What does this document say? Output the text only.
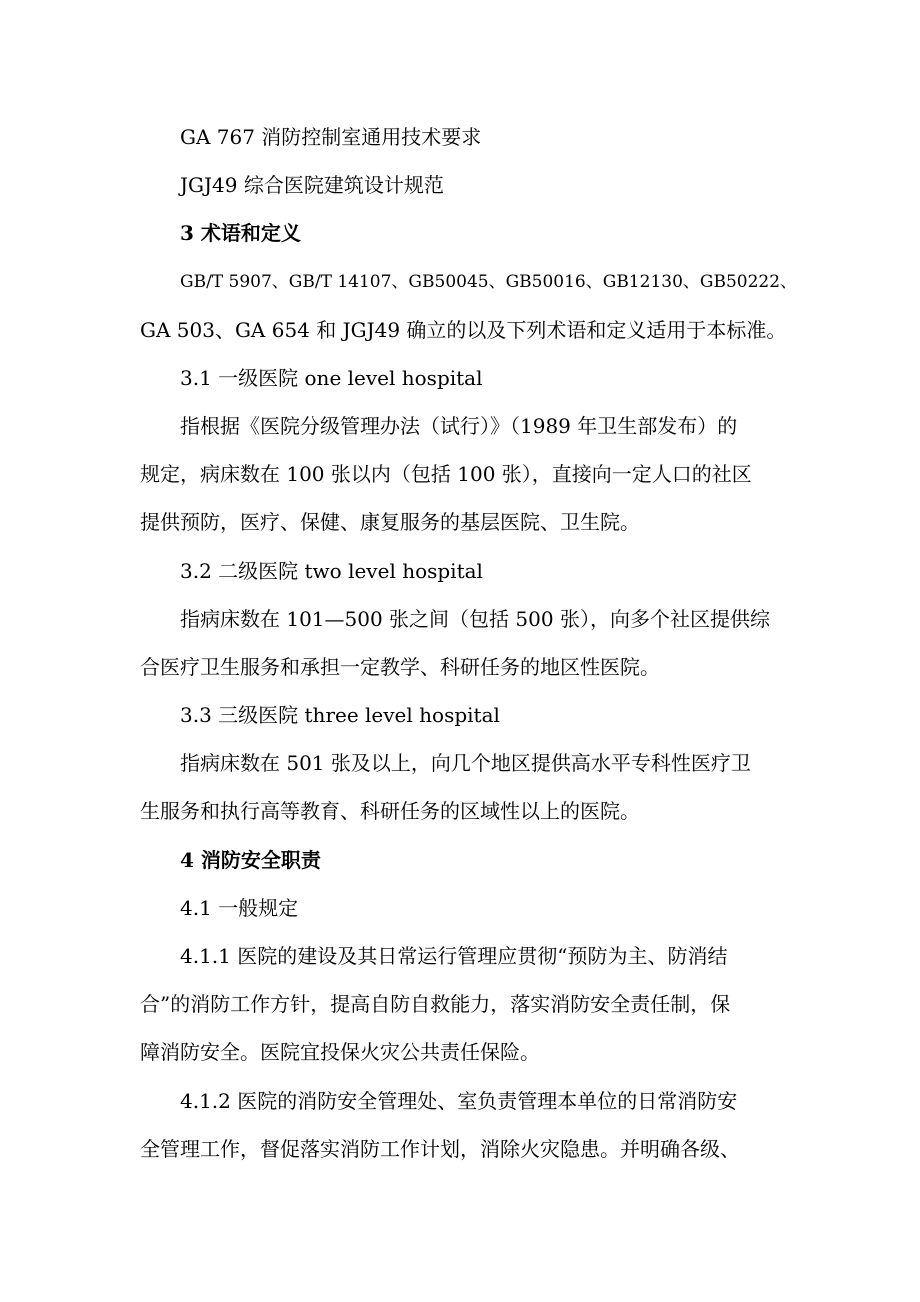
GA 767 消防控制室通用技术要求
JGJ49 综合医院建筑设计规范
3 术语和定义
GB/T 5907、GB/T 14107、GB50045、GB50016、GB12130、GB50222、
GA 503、GA 654 和 JGJ49 确立的以及下列术语和定义适用于本标准。
3.1 一级医院 one level hospital
指根据《医院分级管理办法（试行）》（1989 年卫生部发布）的
规定，病床数在 100 张以内（包括 100 张），直接向一定人口的社区
提供预防，医疗、保健、康复服务的基层医院、卫生院。
3.2 二级医院 two level hospital
指病床数在 101—500 张之间（包括 500 张），向多个社区提供综
合医疗卫生服务和承担一定教学、科研任务的地区性医院。
3.3 三级医院 three level hospital
指病床数在 501 张及以上，向几个地区提供高水平专科性医疗卫
生服务和执行高等教育、科研任务的区域性以上的医院。
4 消防安全职责
4.1 一般规定
4.1.1 医院的建设及其日常运行管理应贯彻“预防为主、防消结
合”的消防工作方针，提高自防自救能力，落实消防安全责任制，保
障消防安全。医院宜投保火灾公共责任保险。
4.1.2 医院的消防安全管理处、室负责管理本单位的日常消防安
全管理工作，督促落实消防工作计划，消除火灾隐患。并明确各级、
